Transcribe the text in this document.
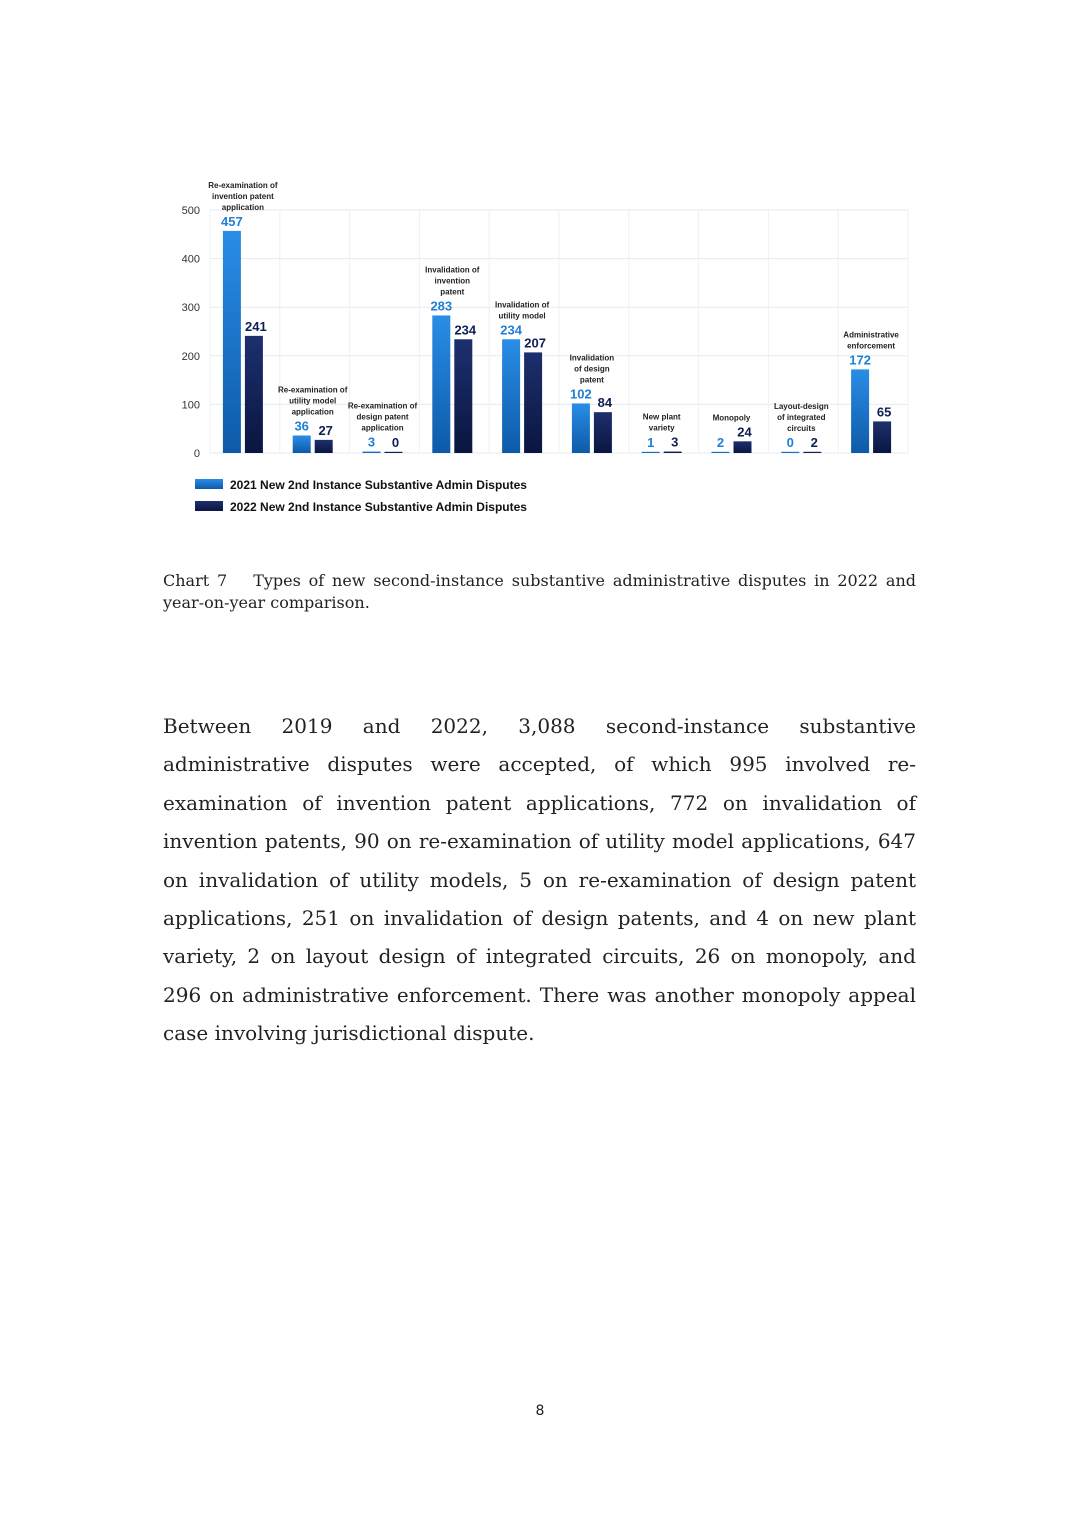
0
100
200
300
400
500
457
241
36 27
3 0
283
234 234
207
102
84
1 3	2
24
0 2
172
65
Re-examination of
invention patent
application
Re-examination of
utility model
application
Re-examination of
design patent
application
Invalidation of
invention
patent
Invalidation of
utility model
Invalidation
of design
patent
New plant
variety
Monopoly
Layout-design
of integrated
circuits
Administrative
enforcement
2021 New 2nd Instance Substantive Admin Disputes
2022 New 2nd Instance Substantive Admin Disputes
Chart 7 Types of new second-instance substantive administrative disputes in 2022 and year-on-year comparison.

Between 2019 and 2022, 3,088 second-instance substantive administrative disputes were accepted, of which 995 involved re-examination of invention patent applications, 772 on invalidation of invention patents, 90 on re-examination of utility model applications, 647 on invalidation of utility models, 5 on re-examination of design patent applications, 251 on invalidation of design patents, and 4 on new plant variety, 2 on layout design of integrated circuits, 26 on monopoly, and 296 on administrative enforcement. There was another monopoly appeal case involving jurisdictional dispute.

8
